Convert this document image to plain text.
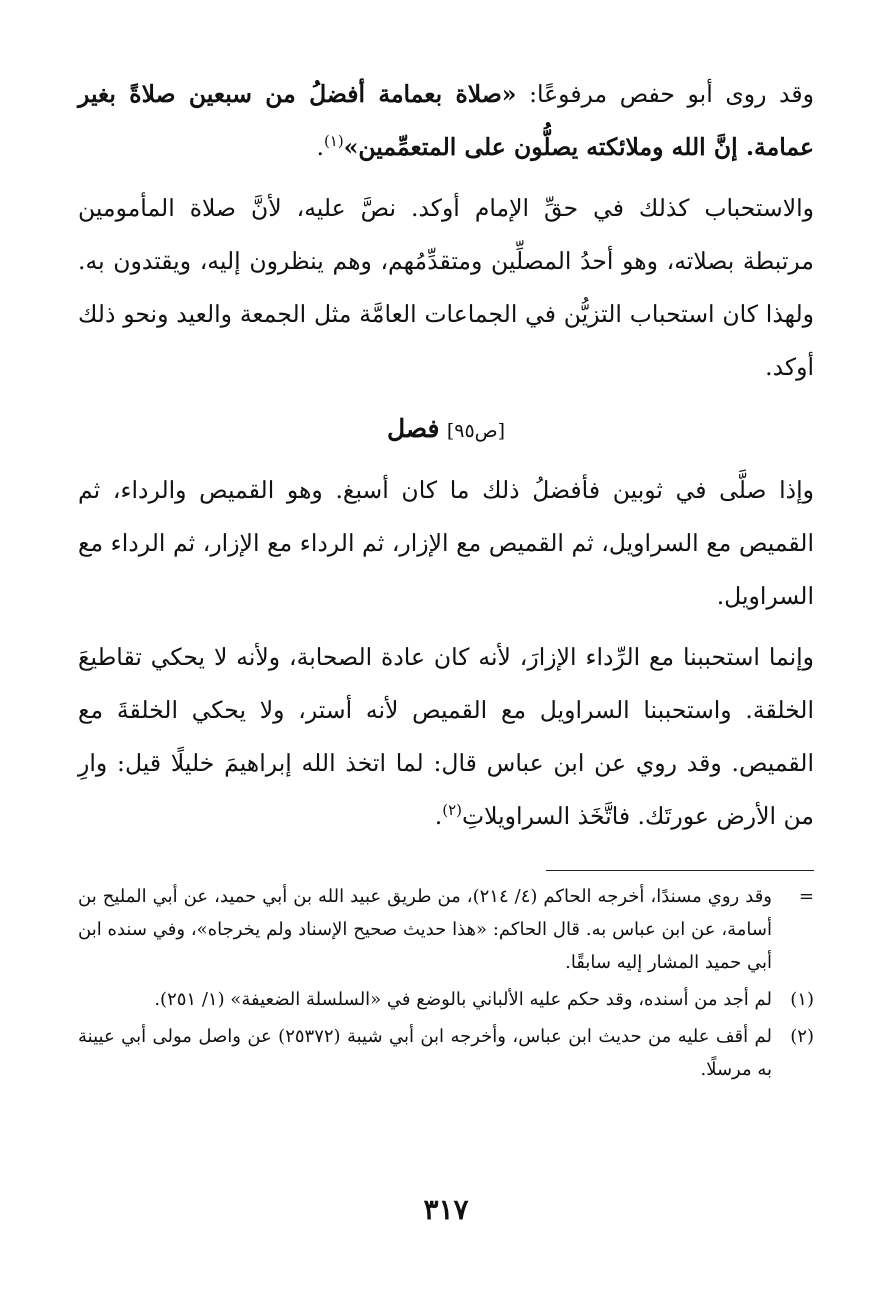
وقد روى أبو حفص مرفوعًا: «صلاة بعمامة أفضلُ من سبعين صلاةً بغير عمامة. إنَّ الله وملائكته يصلُّون على المتعمِّمين»$^{(١)}$.

والاستحباب كذلك في حقِّ الإمام أوكد. نصَّ عليه، لأنَّ صلاة المأمومين مرتبطة بصلاته، وهو أحدُ المصلِّين ومتقدِّمُهم، وهم ينظرون إليه، ويقتدون به. ولهذا كان استحباب التزيُّن في الجماعات العامَّة مثل الجمعة والعيد ونحو ذلك أوكد.

[ص٩٥] فصل

وإذا صلَّى في ثوبين فأفضلُ ذلك ما كان أسبغ. وهو القميص والرداء، ثم القميص مع السراويل، ثم القميص مع الإزار، ثم الرداء مع الإزار، ثم الرداء مع السراويل.

وإنما استحببنا مع الرِّداء الإزارَ، لأنه كان عادة الصحابة، ولأنه لا يحكي تقاطيعَ الخلقة. واستحببنا السراويل مع القميص لأنه أستر، ولا يحكي الخلقةَ مع القميص. وقد روي عن ابن عباس قال: لما اتخذ الله إبراهيمَ خليلًا قيل: وارِ من الأرض عورتَك. فاتَّخَذ السراويلاتِ$^{(٢)}$.

=
وقد روي مسندًا، أخرجه الحاكم (٤/ ٢١٤)، من طريق عبيد الله بن أبي حميد، عن أبي المليح بن أسامة، عن ابن عباس به. قال الحاكم: «هذا حديث صحيح الإسناد ولم يخرجاه»، وفي سنده ابن أبي حميد المشار إليه سابقًا.
(١)
لم أجد من أسنده، وقد حكم عليه الألباني بالوضع في «السلسلة الضعيفة» (١/ ٢٥١).
(٢)
لم أقف عليه من حديث ابن عباس، وأخرجه ابن أبي شيبة (٢٥٣٧٢) عن واصل مولى أبي عيينة به مرسلًا.
٣١٧
